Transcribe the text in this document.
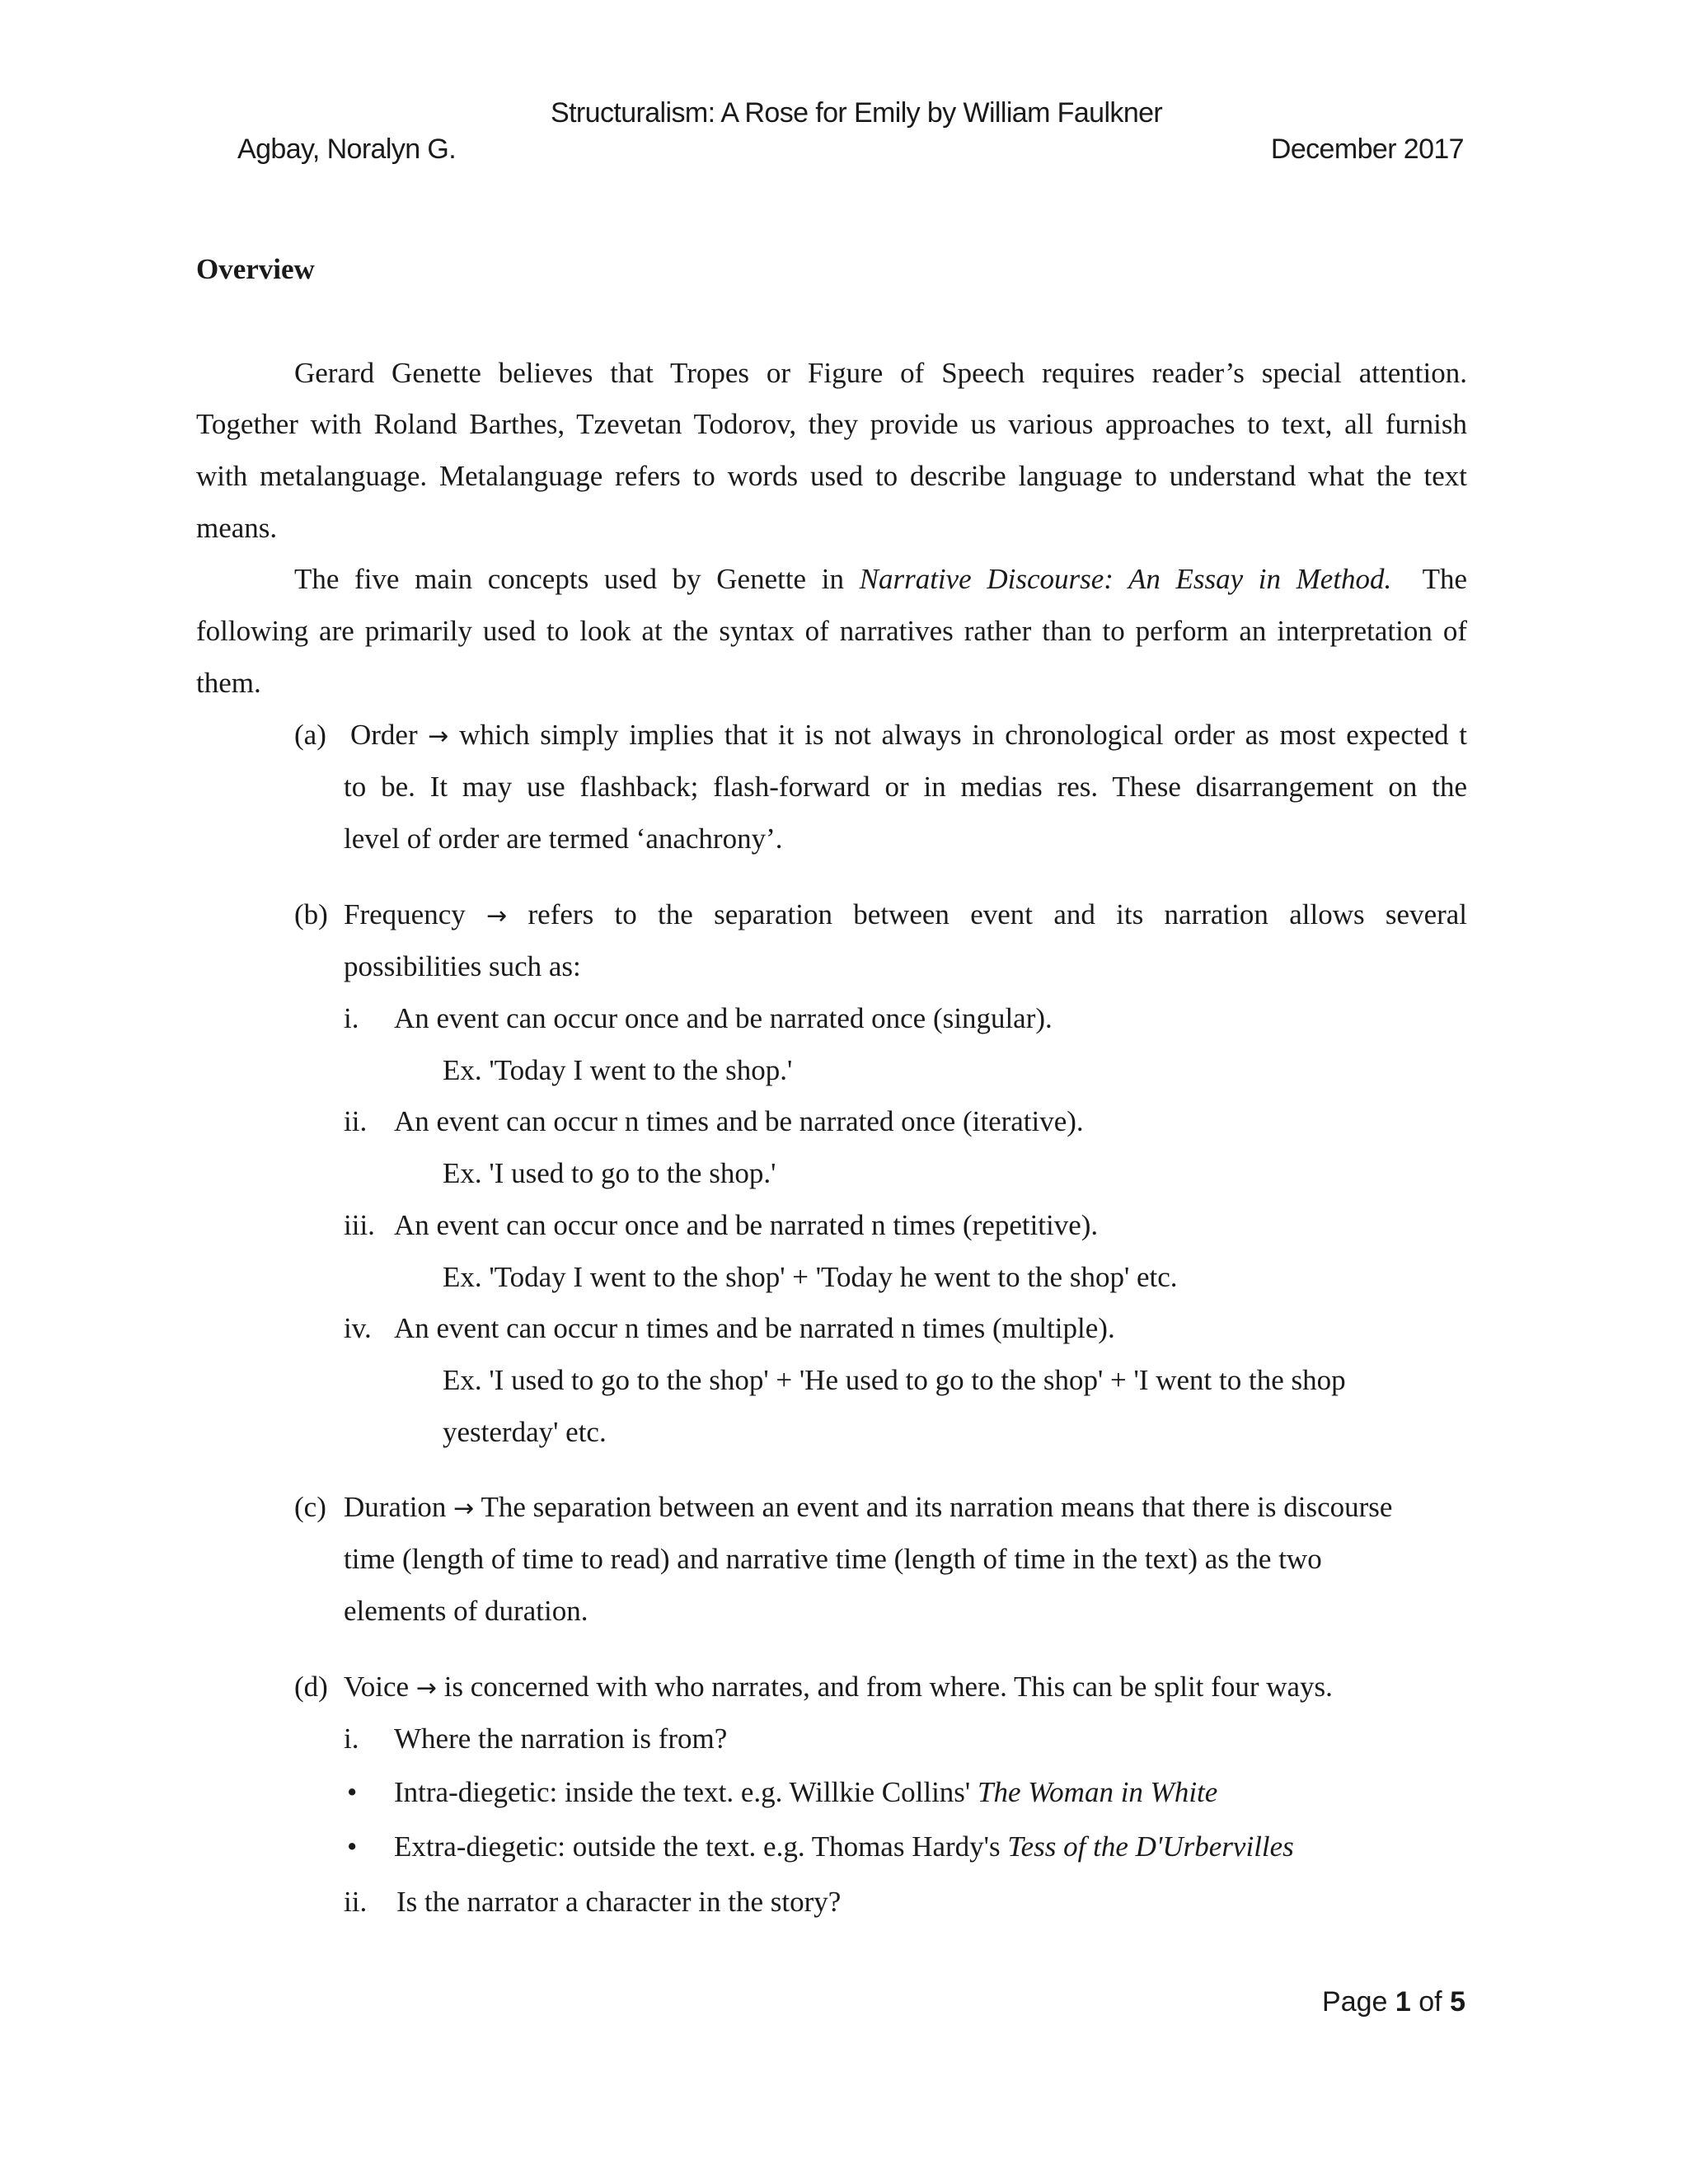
Structuralism: A Rose for Emily by William Faulkner
Agbay, Noralyn G.	December 2017
Overview
Gerard Genette believes that Tropes or Figure of Speech requires reader’s special attention.
Together with Roland Barthes, Tzevetan Todorov, they provide us various approaches to text, all furnish
with metalanguage. Metalanguage refers to words used to describe language to understand what the text
means.
The five main concepts used by Genette in Narrative Discourse: An Essay in Method. The
following are primarily used to look at the syntax of narratives rather than to perform an interpretation of
them.
(a) Order → which simply implies that it is not always in chronological order as most expected t
to be. It may use flashback; flash-forward or in medias res. These disarrangement on the
level of order are termed ‘anachrony’.
(b) Frequency → refers to the separation between event and its narration allows several
possibilities such as:
i. An event can occur once and be narrated once (singular).
Ex. 'Today I went to the shop.'
ii. An event can occur n times and be narrated once (iterative).
Ex. 'I used to go to the shop.'
iii. An event can occur once and be narrated n times (repetitive).
Ex. 'Today I went to the shop' + 'Today he went to the shop' etc.
iv. An event can occur n times and be narrated n times (multiple).
Ex. 'I used to go to the shop' + 'He used to go to the shop' + 'I went to the shop
yesterday' etc.
(c) Duration → The separation between an event and its narration means that there is discourse
time (length of time to read) and narrative time (length of time in the text) as the two
elements of duration.
(d) Voice → is concerned with who narrates, and from where. This can be split four ways.
i. Where the narration is from?
• Intra-diegetic: inside the text. e.g. Willkie Collins' The Woman in White
• Extra-diegetic: outside the text. e.g. Thomas Hardy's Tess of the D'Urbervilles
ii. Is the narrator a character in the story?
Page 1 of 5
